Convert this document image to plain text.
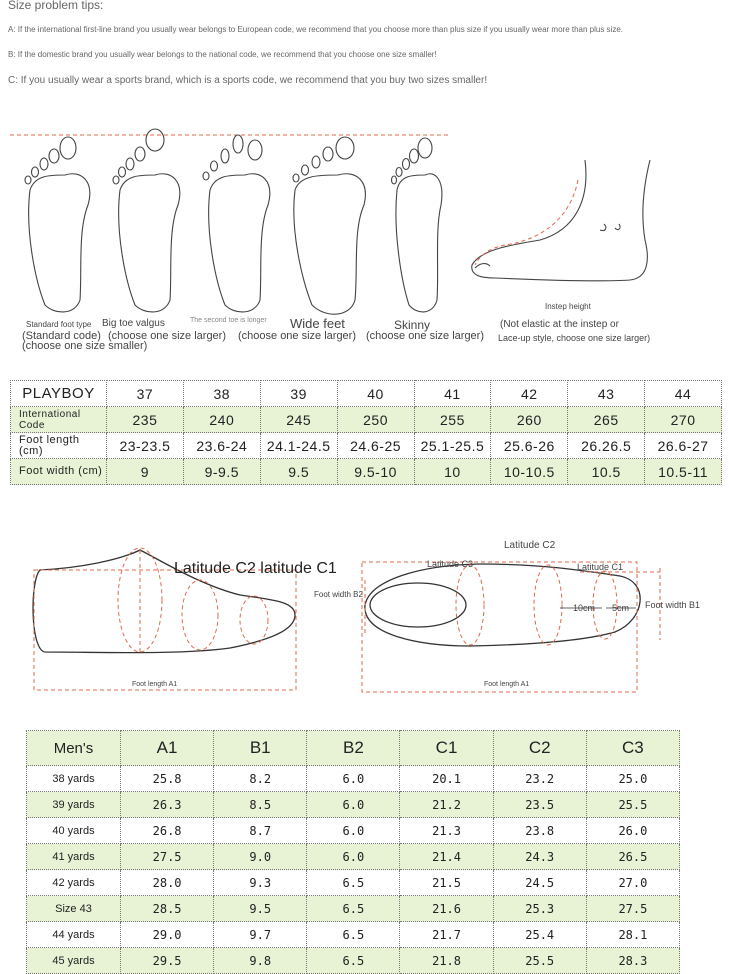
Size problem tips:
A: If the international first-line brand you usually wear belongs to European code, we recommend that you choose more than plus size if you usually wear more than plus size.
B: If the domestic brand you usually wear belongs to the national code, we recommend that you choose one size smaller!
C: If you usually wear a sports brand, which is a sports code, we recommend that you buy two sizes smaller!
Standard foot type Big toe valgus	The second toe is longer Wide feet	Skinny
(Standard code)
(choose one size smaller)
(choose one size larger) (choose one size larger) (choose one size larger)
Instep height
(Not elastic at the instep or
Lace-up style, choose one size larger)
PLAYBOY	37	38	39	40	41	42	43	44
International Code	235	240	245	250	255	260	265	270
Foot length (cm)	23-23.5	23.6-24	24.1-24.5	24.6-25	25.1-25.5	25.6-26	26.26.5	26.6-27
Foot width (cm)	9	9-9.5	9.5	9.5-10	10	10-10.5	10.5	10.5-11
Latitude C2 latitude C1
Foot length A1
Foot width B2
Latitude C3
Latitude C2
Latitude C1
10cm 5cm Foot width B1
Foot length A1
Men's	A1	B1	B2	C1	C2	C3
38 yards	25.8	8.2	6.0	20.1	23.2	25.0
39 yards	26.3	8.5	6.0	21.2	23.5	25.5
40 yards	26.8	8.7	6.0	21.3	23.8	26.0
41 yards	27.5	9.0	6.0	21.4	24.3	26.5
42 yards	28.0	9.3	6.5	21.5	24.5	27.0
Size 43	28.5	9.5	6.5	21.6	25.3	27.5
44 yards	29.0	9.7	6.5	21.7	25.4	28.1
45 yards	29.5	9.8	6.5	21.8	25.5	28.3
